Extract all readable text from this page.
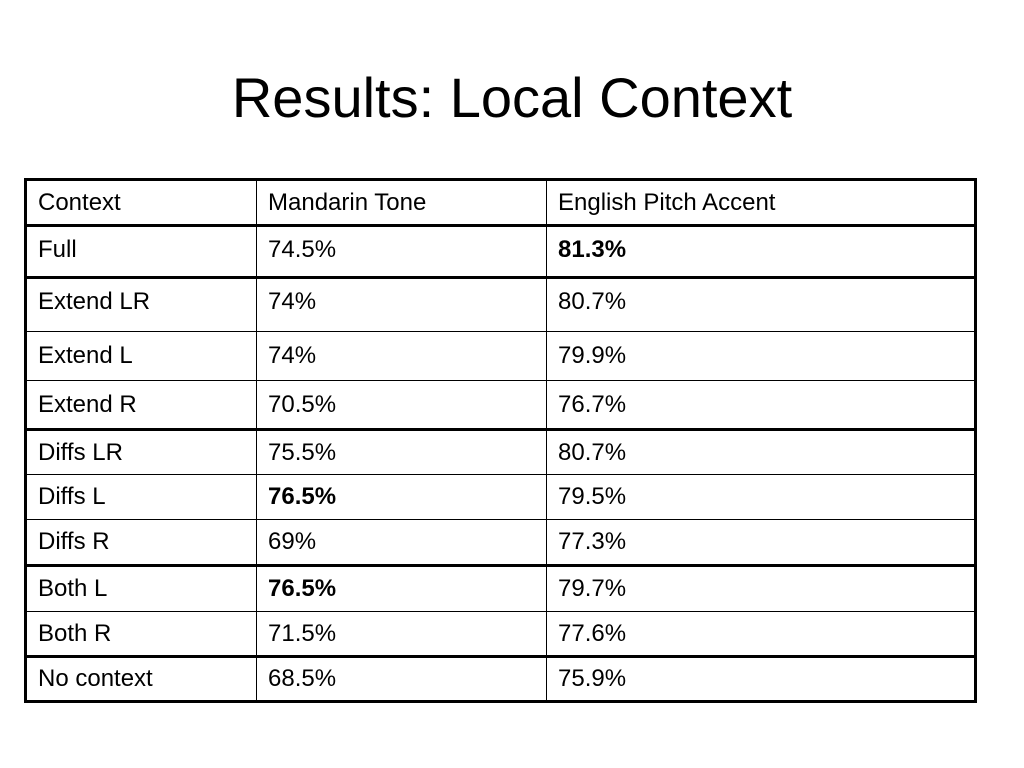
Results: Local Context
Context	Mandarin Tone	English Pitch Accent
Full	74.5%	81.3%
Extend LR	74%	80.7%
Extend L	74%	79.9%
Extend R	70.5%	76.7%
Diffs LR	75.5%	80.7%
Diffs L	76.5%	79.5%
Diffs R	69%	77.3%
Both L	76.5%	79.7%
Both R	71.5%	77.6%
No context	68.5%	75.9%
